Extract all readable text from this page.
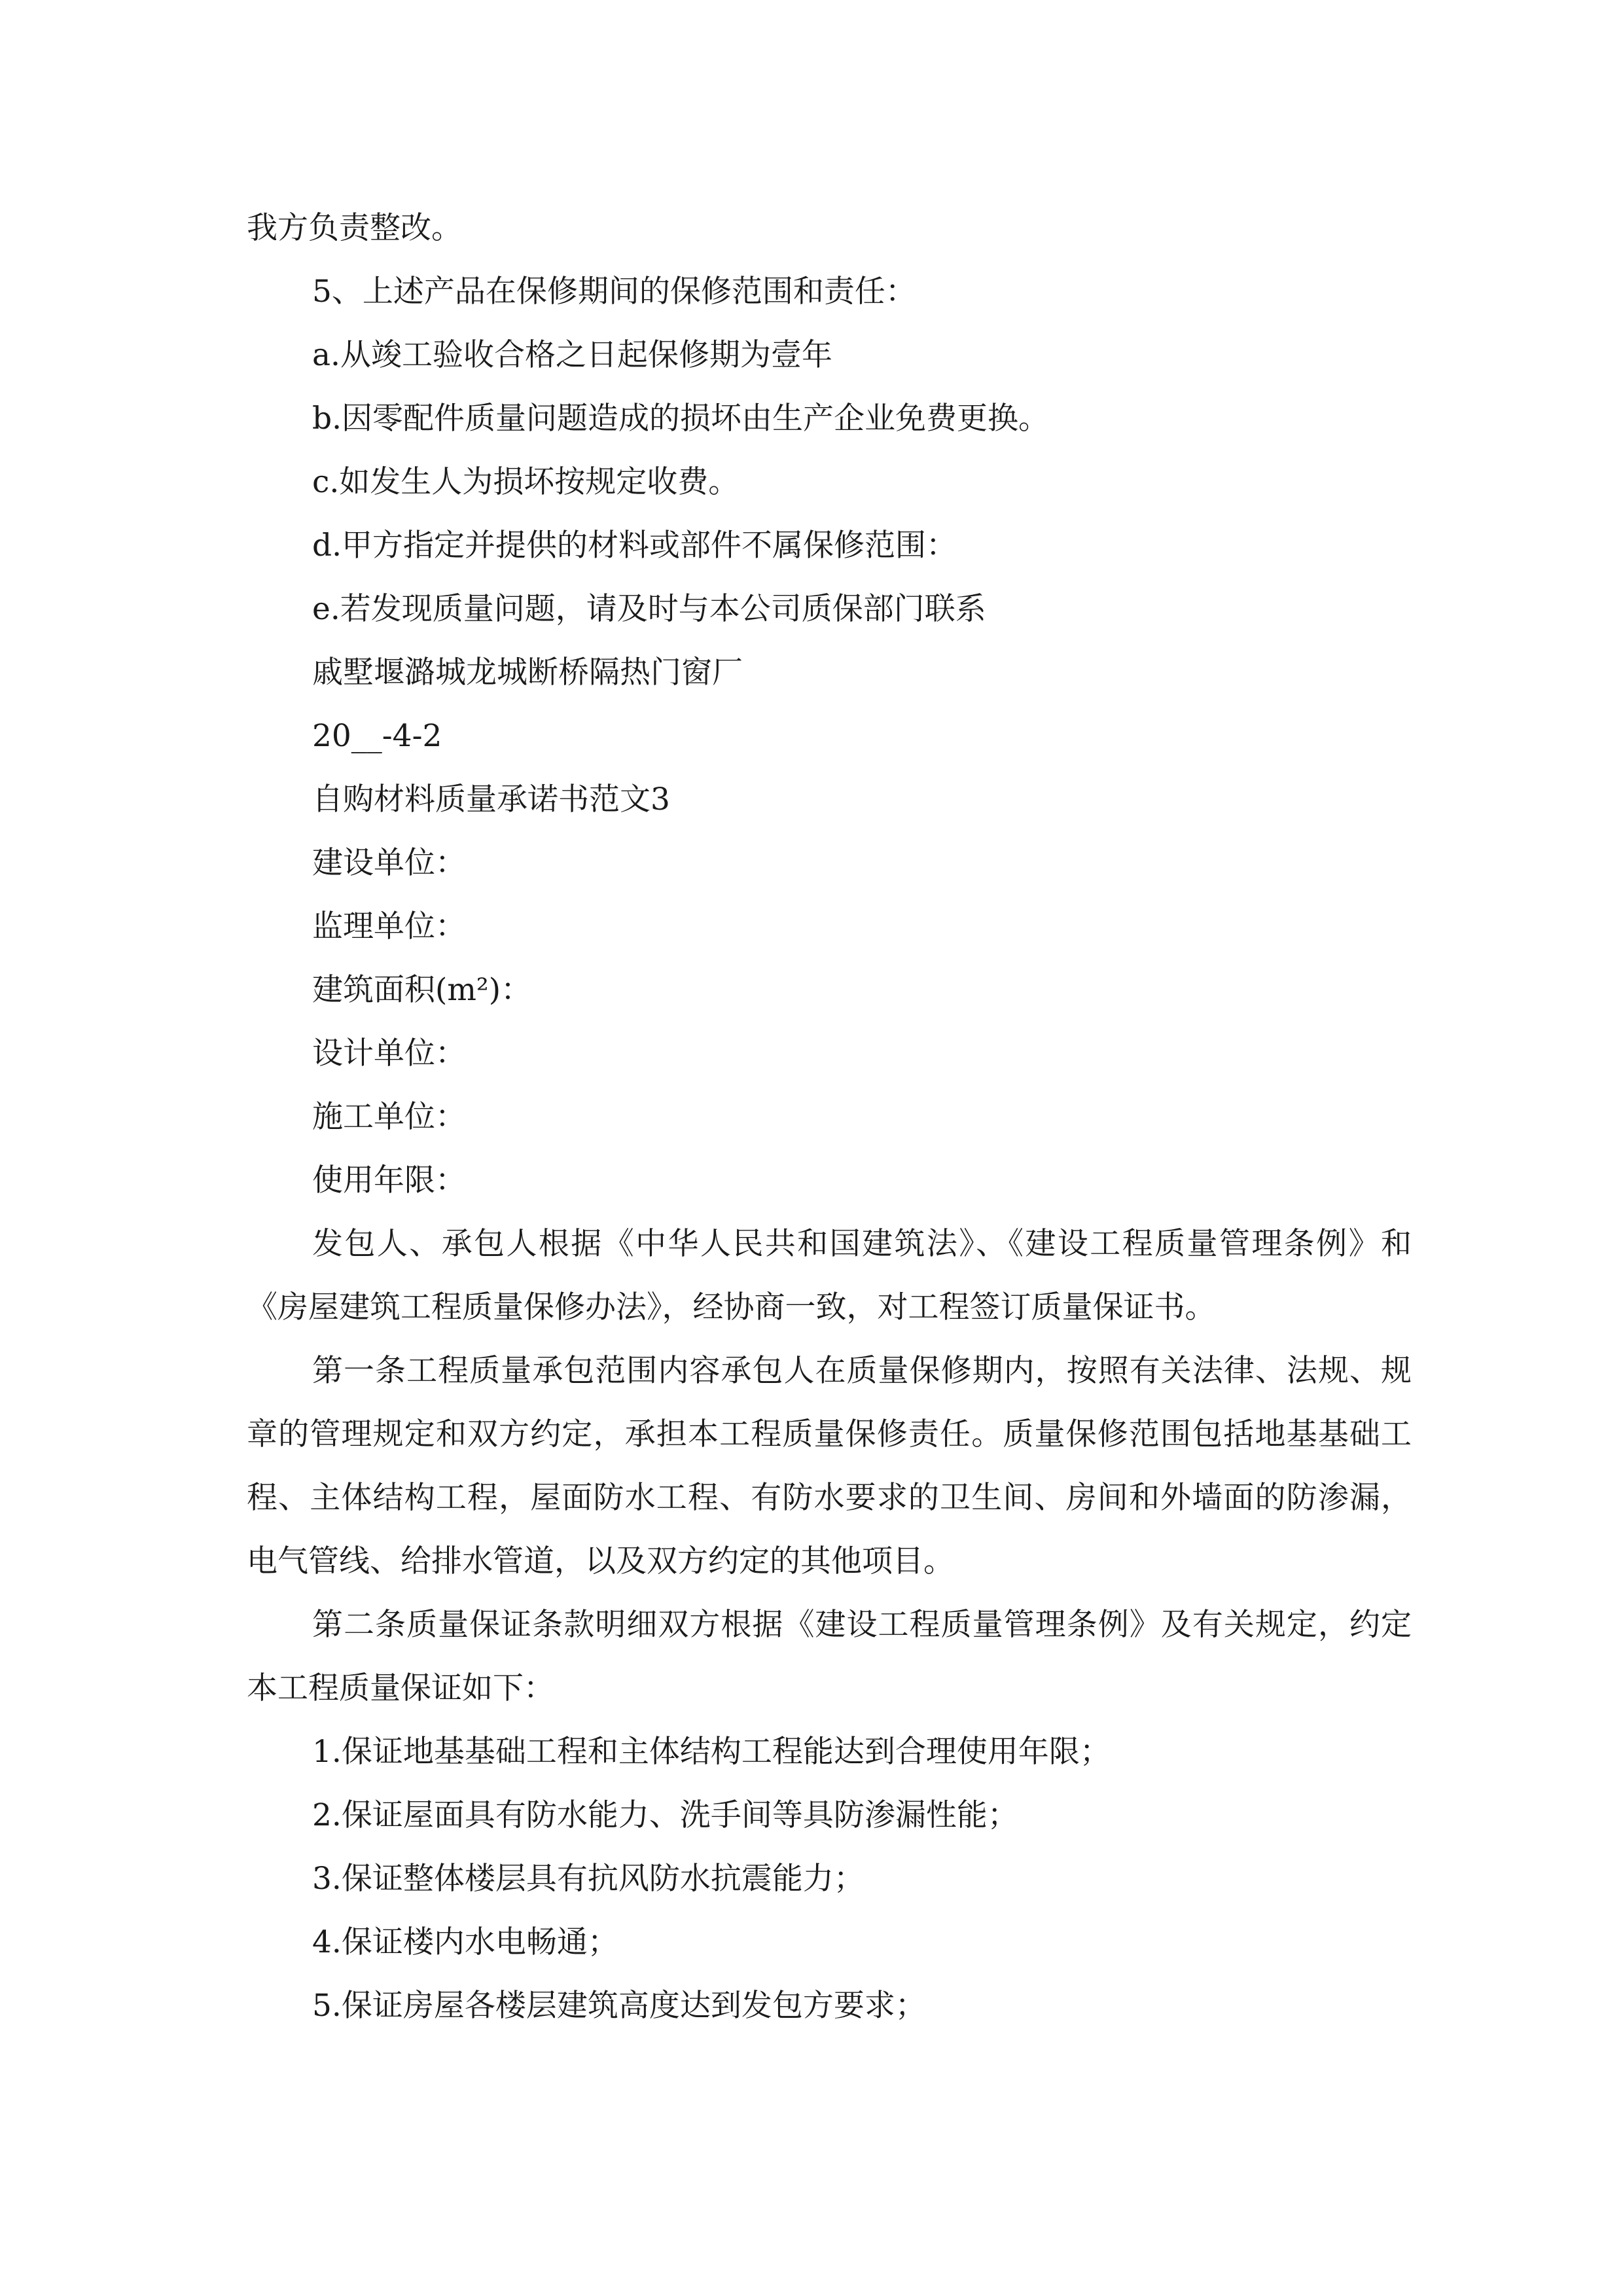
我方负责整改。

5、上述产品在保修期间的保修范围和责任：

a.从竣工验收合格之日起保修期为壹年

b.因零配件质量问题造成的损坏由生产企业免费更换。

c.如发生人为损坏按规定收费。

d.甲方指定并提供的材料或部件不属保修范围：

e.若发现质量问题，请及时与本公司质保部门联系

戚墅堰潞城龙城断桥隔热门窗厂

20__-4-2

自购材料质量承诺书范文3

建设单位：

监理单位：

建筑面积(m²)：

设计单位：

施工单位：

使用年限：

发包人、承包人根据《中华人民共和国建筑法》、《建设工程质量管理条例》和《房屋建筑工程质量保修办法》，经协商一致，对工程签订质量保证书。

第一条工程质量承包范围内容承包人在质量保修期内，按照有关法律、法规、规章的管理规定和双方约定，承担本工程质量保修责任。质量保修范围包括地基基础工程、主体结构工程，屋面防水工程、有防水要求的卫生间、房间和外墙面的防渗漏，电气管线、给排水管道，以及双方约定的其他项目。

第二条质量保证条款明细双方根据《建设工程质量管理条例》及有关规定，约定本工程质量保证如下：

1.保证地基基础工程和主体结构工程能达到合理使用年限；

2.保证屋面具有防水能力、洗手间等具防渗漏性能；

3.保证整体楼层具有抗风防水抗震能力；

4.保证楼内水电畅通；

5.保证房屋各楼层建筑高度达到发包方要求；
